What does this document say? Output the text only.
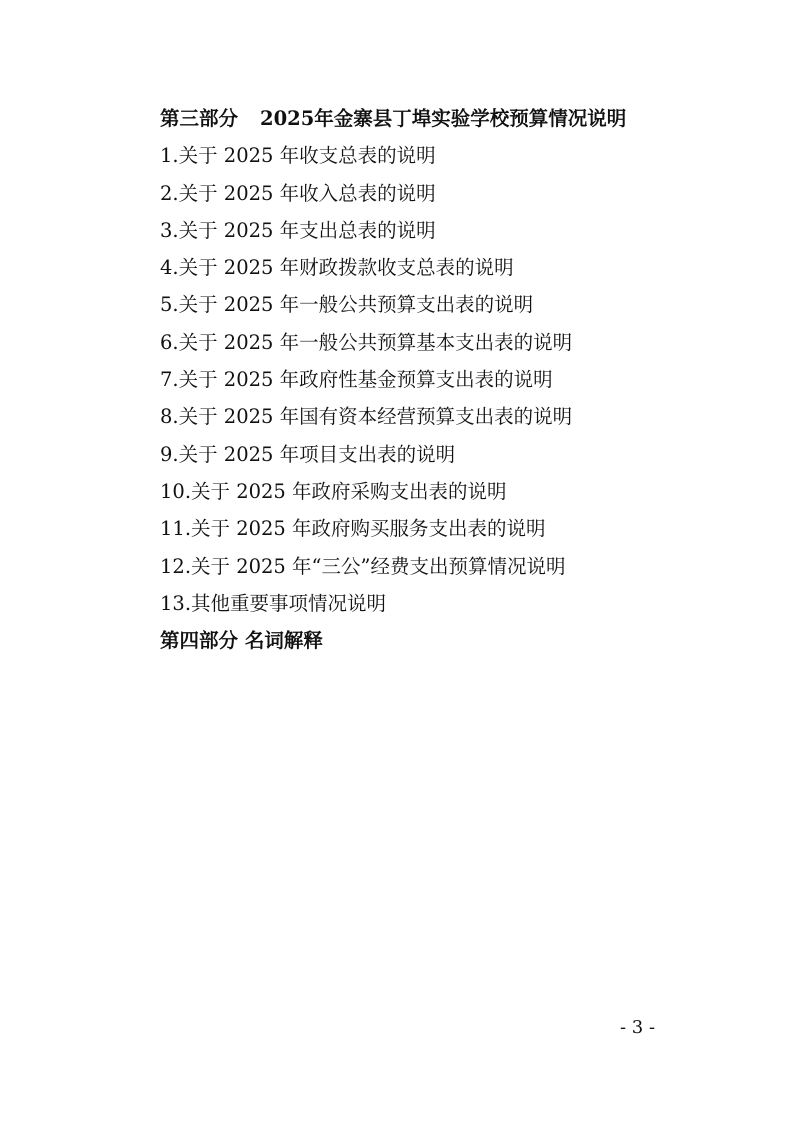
第三部分 2025年金寨县丁埠实验学校预算情况说明
1.关于 2025 年收支总表的说明
2.关于 2025 年收入总表的说明
3.关于 2025 年支出总表的说明
4.关于 2025 年财政拨款收支总表的说明
5.关于 2025 年一般公共预算支出表的说明
6.关于 2025 年一般公共预算基本支出表的说明
7.关于 2025 年政府性基金预算支出表的说明
8.关于 2025 年国有资本经营预算支出表的说明
9.关于 2025 年项目支出表的说明
10.关于 2025 年政府采购支出表的说明
11.关于 2025 年政府购买服务支出表的说明
12.关于 2025 年“三公”经费支出预算情况说明
13.其他重要事项情况说明
第四部分 名词解释
- 3 -
